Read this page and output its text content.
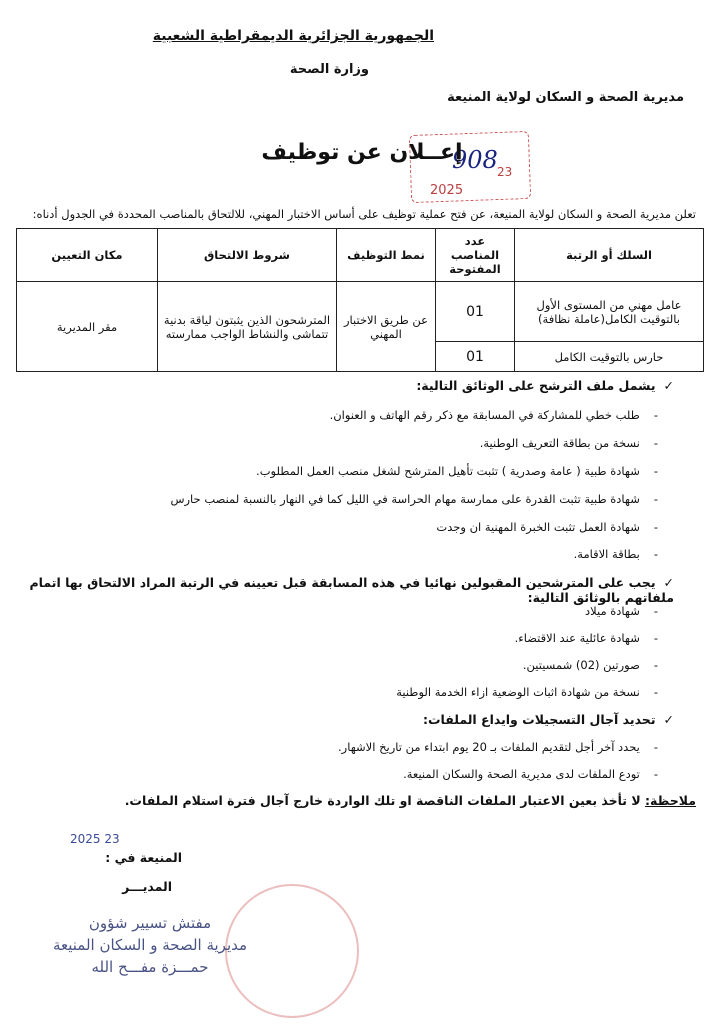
الجمهورية الجزائرية الديمقراطية الشعبية
وزارة الصحة
مديرية الصحة و السكان لولاية المنيعة
908 23
2025
إعــلان عن توظيف
تعلن مديرية الصحة و السكان لولاية المنيعة، عن فتح عملية توظيف على أساس الاختبار المهني، للالتحاق بالمناصب المحددة في الجدول أدناه:
السلك أو الرتبة	عدد المناصب المفتوحة	نمط التوظيف	شروط الالتحاق	مكان التعيين
عامل مهني من المستوى الأول بالتوقيت الكامل(عاملة نظافة)	01	عن طريق الاختبار المهني	المترشحون الذين يثبتون لياقة بدنية تتماشى والنشاط الواجب ممارسته	مقر المديرية
حارس بالتوقيت الكامل	01			
✓يشمل ملف الترشح على الوثائق التالية:
-طلب خطي للمشاركة في المسابقة مع ذكر رقم الهاتف و العنوان.
-نسخة من بطاقة التعريف الوطنية.
-شهادة طبية ( عامة وصدرية ) تثبت تأهيل المترشح لشغل منصب العمل المطلوب.
-شهادة طبية تثبت القدرة على ممارسة مهام الحراسة في الليل كما في النهار بالنسبة لمنصب حارس
-شهادة العمل تثبت الخبرة المهنية ان وجدت
-بطاقة الاقامة.
✓يجب على المترشحين المقبولين نهائيا في هذه المسابقة قبل تعيينه في الرتبة المراد الالتحاق بها اتمام ملفاتهم بالوثائق التالية:
-شهادة ميلاد
-شهادة عائلية عند الاقتضاء.
-صورتين (02) شمسيتين.
-نسخة من شهادة اثبات الوضعية ازاء الخدمة الوطنية
✓تحديد آجال التسجيلات وايداع الملفات:
-يحدد آخر أجل لتقديم الملفات بـ 20 يوم ابتداء من تاريخ الاشهار.
-تودع الملفات لدى مديرية الصحة والسكان المنيعة.
ملاحظة: لا تأخذ بعين الاعتبار الملفات الناقصة او تلك الواردة خارج آجال فترة استلام الملفات.
2025 23
المنيعة في :
المديـــر
مفتش تسيير شؤون
مديرية الصحة و السكان المنيعة
حمـــزة مفـــح الله
